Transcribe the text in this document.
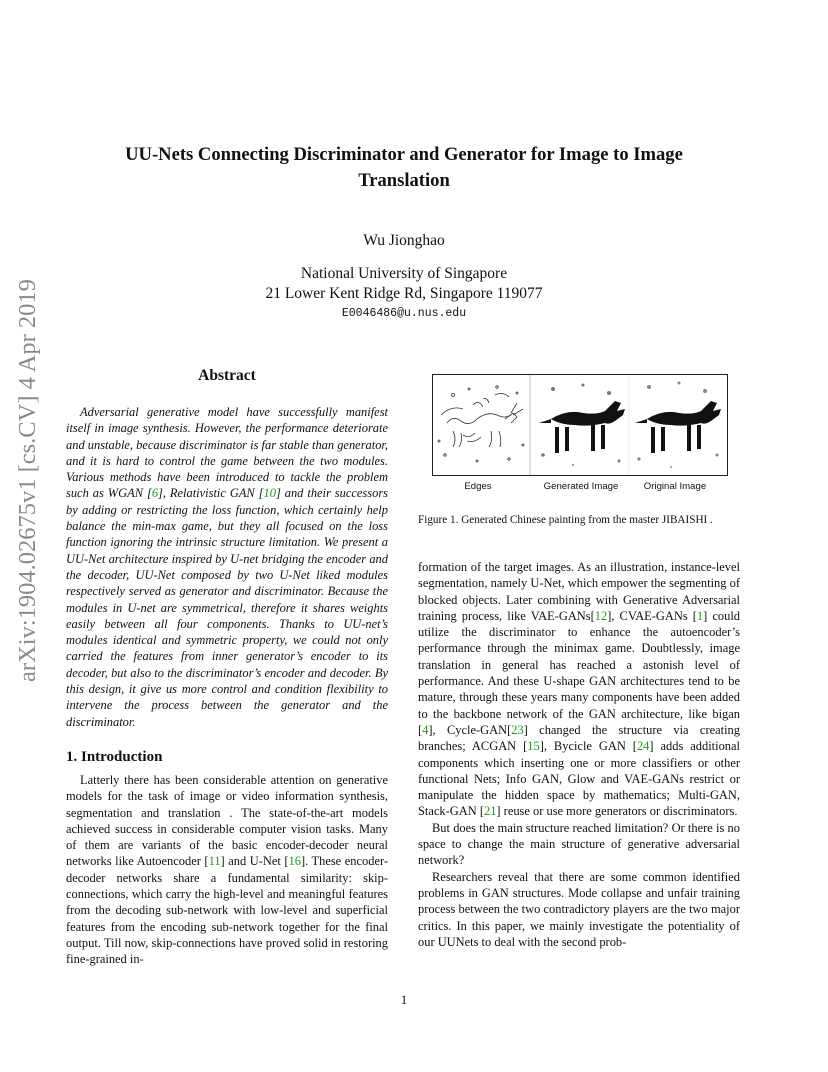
arXiv:1904.02675v1 [cs.CV] 4 Apr 2019
UU-Nets Connecting Discriminator and Generator for Image to Image
Translation
Wu Jionghao
National University of Singapore
21 Lower Kent Ridge Rd, Singapore 119077
E0046486@u.nus.edu
Abstract

Adversarial generative model have successfully manifest itself in image synthesis. However, the performance deteriorate and unstable, because discriminator is far stable than generator, and it is hard to control the game between the two modules. Various methods have been introduced to tackle the problem such as WGAN [6], Relativistic GAN [10] and their successors by adding or restricting the loss function, which certainly help balance the min-max game, but they all focused on the loss function ignoring the intrinsic structure limitation. We present a UU-Net architecture inspired by U-net bridging the encoder and the decoder, UU-Net composed by two U-Net liked modules respectively served as generator and discriminator. Because the modules in U-net are symmetrical, therefore it shares weights easily between all four components. Thanks to UU-net’s modules identical and symmetric property, we could not only carried the features from inner generator’s encoder to its decoder, but also to the discriminator’s encoder and decoder. By this design, it give us more control and condition flexibility to intervene the process between the generator and the discriminator.

1. Introduction

Latterly there has been considerable attention on generative models for the task of image or video information synthesis, segmentation and translation . The state-of-the-art models achieved success in considerable computer vision tasks. Many of them are variants of the basic encoder-decoder neural networks like Autoencoder [11] and U-Net [16]. These encoder-decoder networks share a fundamental similarity: skip-connections, which carry the high-level and meaningful features from the decoding sub-network with low-level and superficial features from the encoding sub-network together for the final output. Till now, skip-connections have proved solid in restoring fine-grained in-

Edges	Generated Image	Original Image
Figure 1. Generated Chinese painting from the master JIBAISHI .

formation of the target images. As an illustration, instance-level segmentation, namely U-Net, which empower the segmenting of blocked objects. Later combining with Generative Adversarial training process, like VAE-GANs[12], CVAE-GANs [1] could utilize the discriminator to enhance the autoencoder’s performance through the minimax game. Doubtlessly, image translation in general has reached a astonish level of performance. And these U-shape GAN architectures tend to be mature, through these years many components have been added to the backbone network of the GAN architecture, like bigan [4], Cycle-GAN[23] changed the structure via creating branches; ACGAN [15], Bycicle GAN [24] adds additional components which inserting one or more classifiers or other functional Nets; Info GAN, Glow and VAE-GANs restrict or manipulate the hidden space by mathematics; Multi-GAN, Stack-GAN [21] reuse or use more generators or discriminators.

But does the main structure reached limitation? Or there is no space to change the main structure of generative adversarial network?

Researchers reveal that there are some common identified problems in GAN structures. Mode collapse and unfair training process between the two contradictory players are the two major critics. In this paper, we mainly investigate the potentiality of our UUNets to deal with the second prob-

1
